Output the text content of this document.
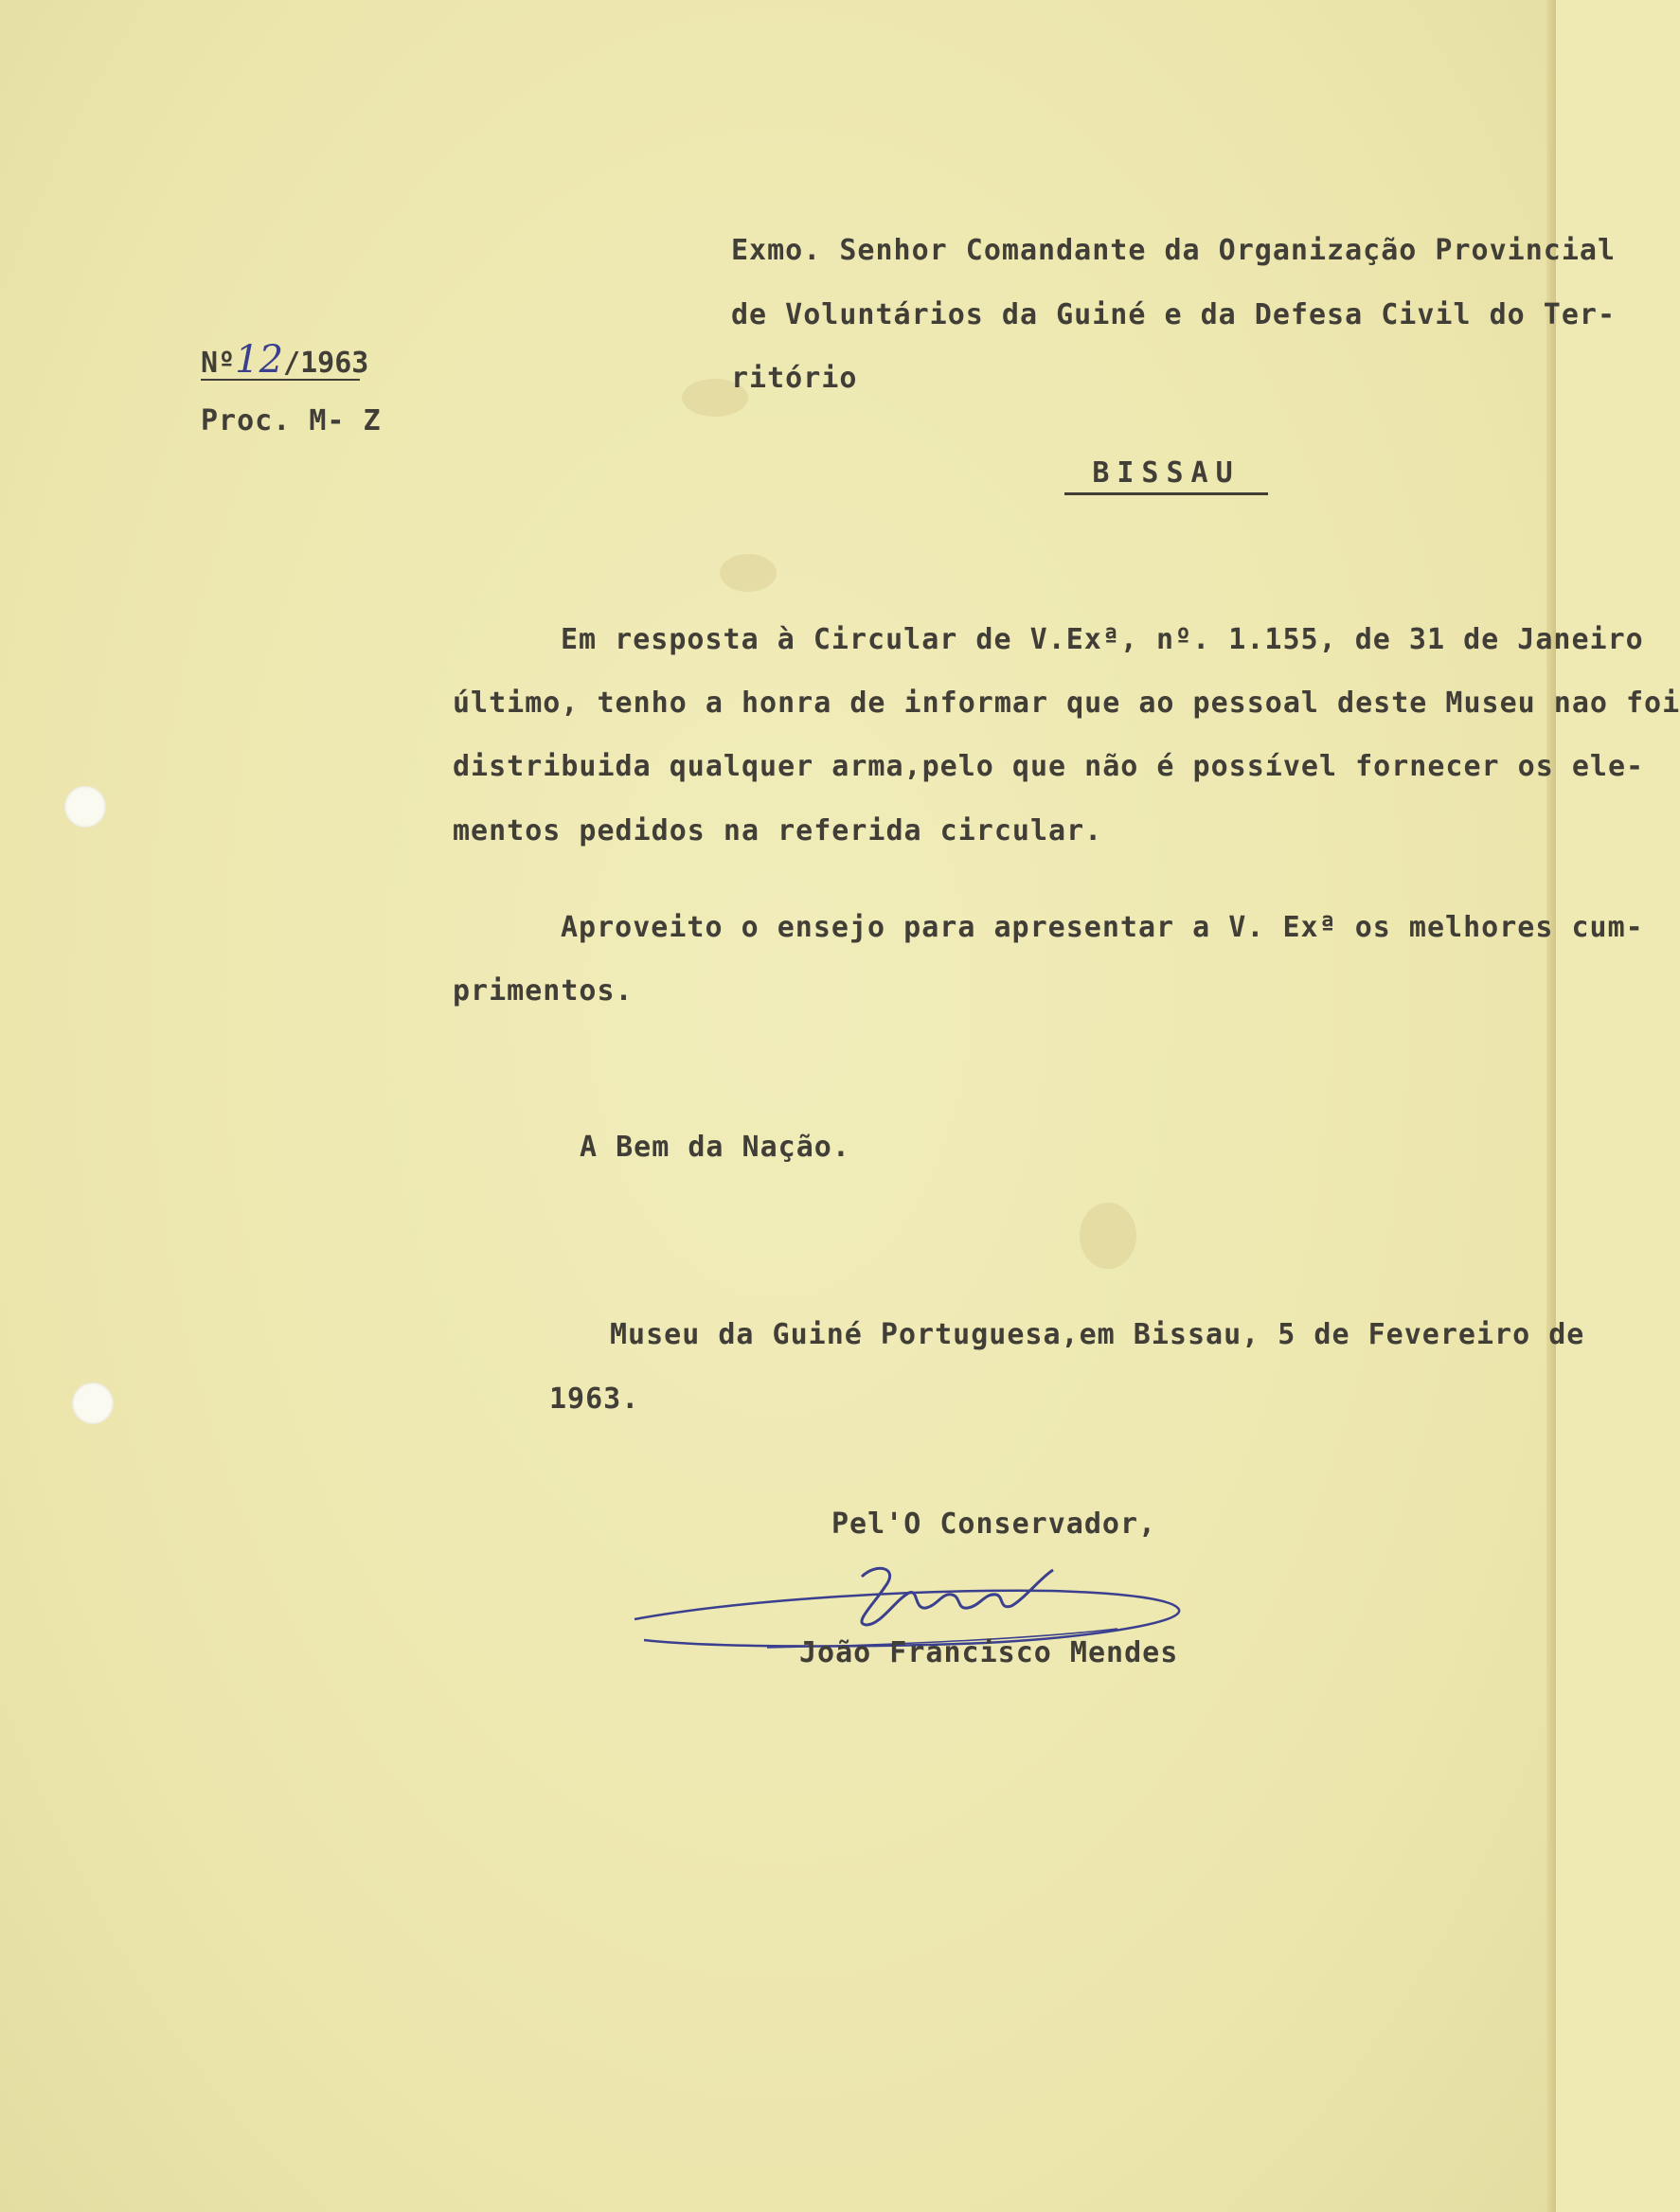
Exmo. Senhor Comandante da Organização Provincial
de Voluntários da Guiné e da Defesa Civil do Ter-
ritório
Nº12/1963
Proc. M- Z
BISSAU
Em resposta à Circular de V.Exª, nº. 1.155, de 31 de Janeiro
último, tenho a honra de informar que ao pessoal deste Museu nao foi
distribuida qualquer arma,pelo que não é possível fornecer os ele-
mentos pedidos na referida circular.
Aproveito o ensejo para apresentar a V. Exª os melhores cum-
primentos.
A Bem da Nação.
Museu da Guiné Portuguesa,em Bissau, 5 de Fevereiro de
1963.
Pel'O Conservador,
João Francisco Mendes
